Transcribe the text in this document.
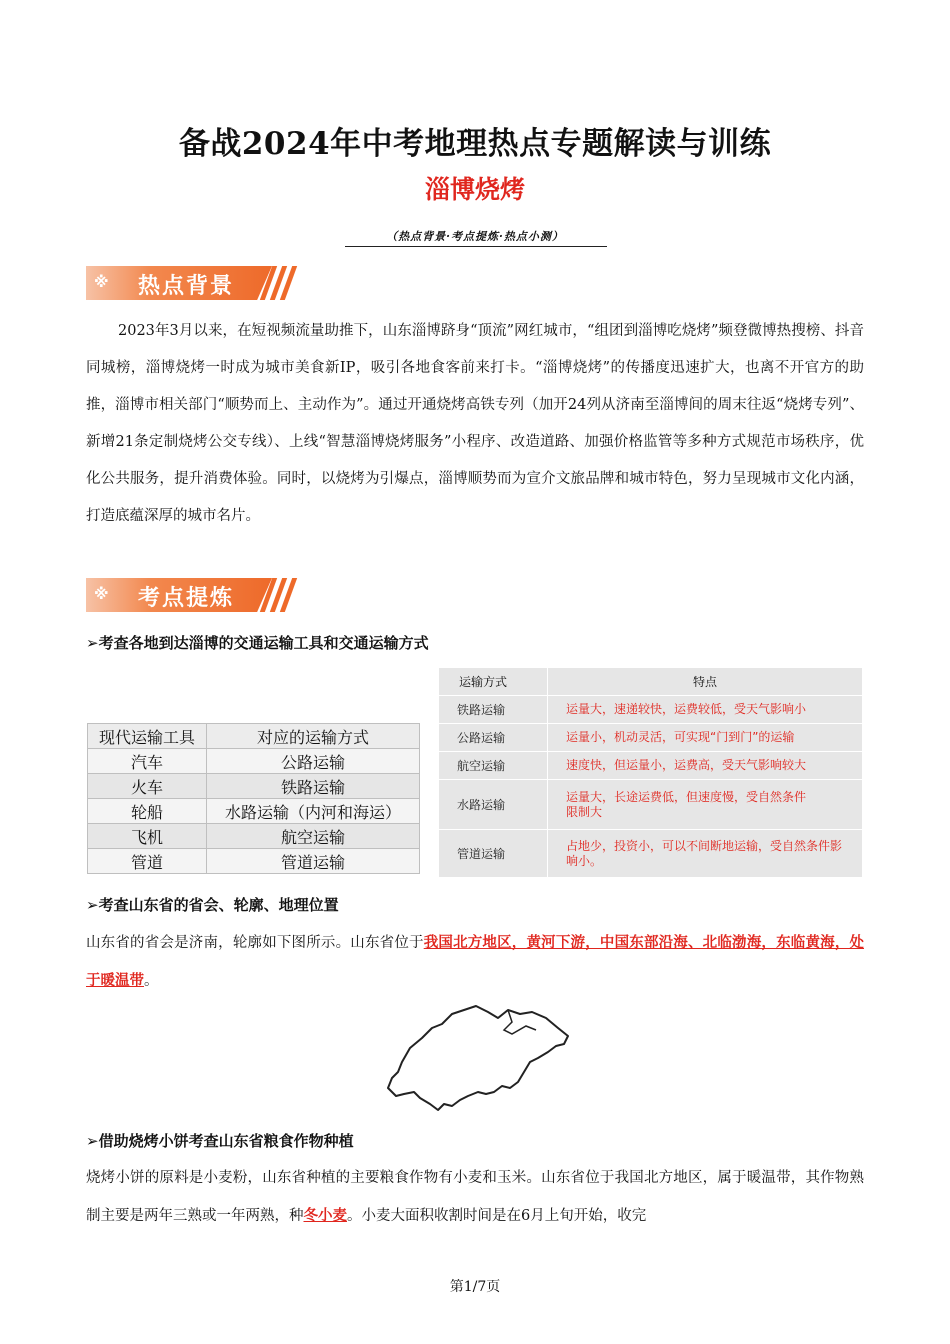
备战2024年中考地理热点专题解读与训练
淄博烧烤
（热点背景·考点提炼·热点小测）
※ 热点背景
2023年3月以来，在短视频流量助推下，山东淄博跻身“顶流”网红城市，“组团到淄博吃烧烤”频登微博热搜榜、抖音同城榜，淄博烧烤一时成为城市美食新IP，吸引各地食客前来打卡。“淄博烧烤”的传播度迅速扩大，也离不开官方的助推，淄博市相关部门“顺势而上、主动作为”。通过开通烧烤高铁专列（加开24列从济南至淄博间的周末往返“烧烤专列”、新增21条定制烧烤公交专线）、上线“智慧淄博烧烤服务”小程序、改造道路、加强价格监管等多种方式规范市场秩序，优化公共服务，提升消费体验。同时，以烧烤为引爆点，淄博顺势而为宣介文旅品牌和城市特色，努力呈现城市文化内涵，打造底蕴深厚的城市名片。
※ 考点提炼
➢考查各地到达淄博的交通运输工具和交通运输方式
现代运输工具	对应的运输方式
汽车	公路运输
火车	铁路运输
轮船	水路运输（内河和海运）
飞机	航空运输
管道	管道运输
运输方式	特点
铁路运输	运量大，速递较快，运费较低，受天气影响小
公路运输	运量小，机动灵活，可实现“门到门”的运输
航空运输	速度快，但运量小，运费高，受天气影响较大
水路运输	运量大，长途运费低，但速度慢，受自然条件限制大
管道运输	占地少，投资小，可以不间断地运输，受自然条件影响小。
➢考查山东省的省会、轮廓、地理位置
山东省的省会是济南，轮廓如下图所示。山东省位于我国北方地区，黄河下游，中国东部沿海、北临渤海，东临黄海，处于暖温带。
➢借助烧烤小饼考查山东省粮食作物种植
烧烤小饼的原料是小麦粉，山东省种植的主要粮食作物有小麦和玉米。山东省位于我国北方地区，属于暖温带，其作物熟制主要是两年三熟或一年两熟，种冬小麦。小麦大面积收割时间是在6月上旬开始，收完
第1/7页
